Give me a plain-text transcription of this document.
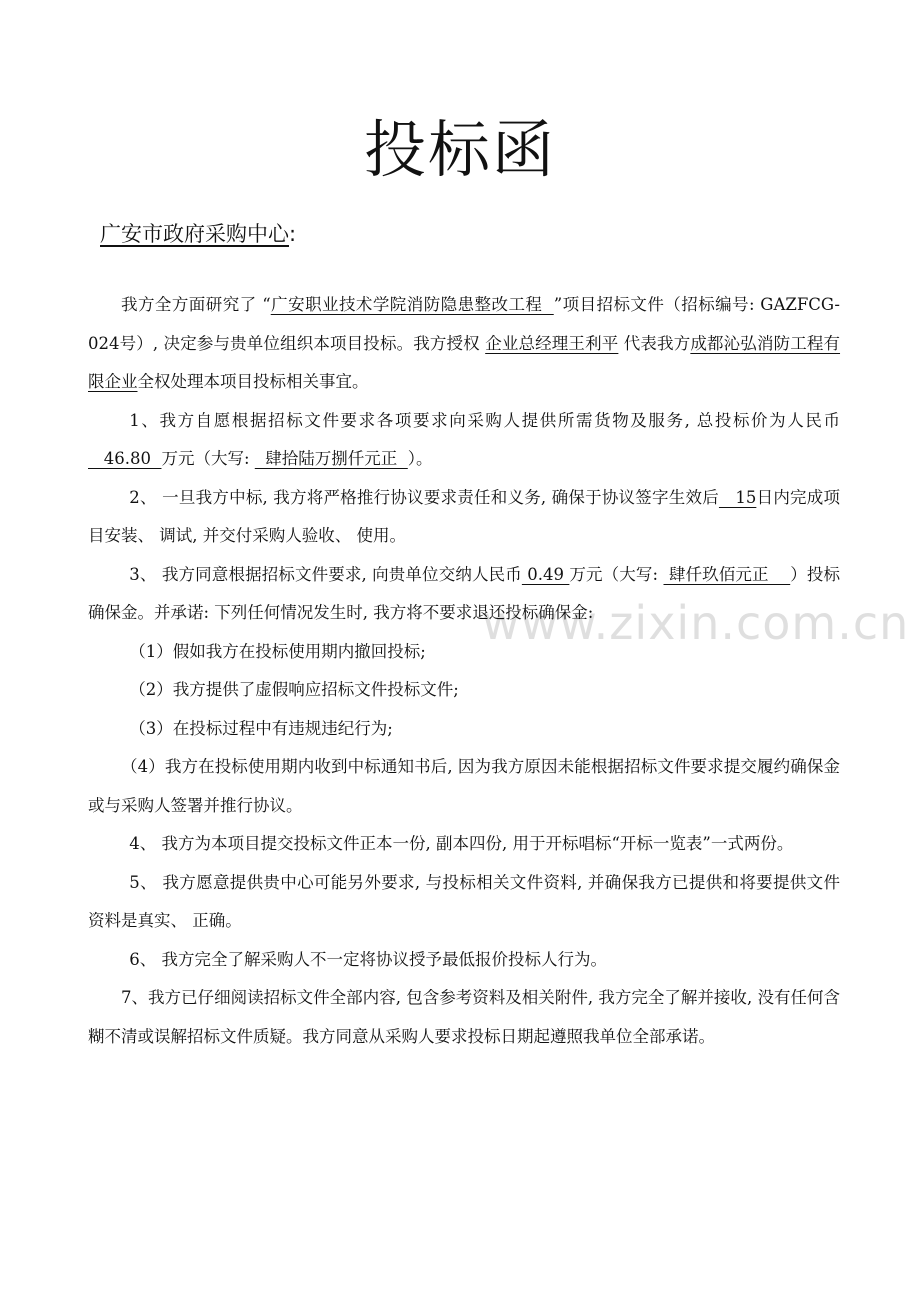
投标函
广安市政府采购中心:
www.zixin.com.cn

我方全方面研究了 “广安职业技术学院消防隐患整改工程  ”项目招标文件（招标编号: GAZFCG-024号）, 决定参与贵单位组织本项目投标。我方授权 企业总经理王利平 代表我方成都沁弘消防工程有限企业全权处理本项目投标相关事宜。

1、我方自愿根据招标文件要求各项要求向采购人提供所需货物及服务, 总投标价为人民币   46.80  万元（大写:   肆拾陆万捌仟元正  ）。

2、 一旦我方中标, 我方将严格推行协议要求责任和义务, 确保于协议签字生效后   15日内完成项目安装、 调试, 并交付采购人验收、 使用。

3、 我方同意根据招标文件要求, 向贵单位交纳人民币 0.49 万元（大写:  肆仟玖佰元正    ）投标确保金。并承诺: 下列任何情况发生时, 我方将不要求退还投标确保金:

（1）假如我方在投标使用期内撤回投标;

（2）我方提供了虚假响应招标文件投标文件;

（3）在投标过程中有违规违纪行为;

（4）我方在投标使用期内收到中标通知书后, 因为我方原因未能根据招标文件要求提交履约确保金或与采购人签署并推行协议。

4、 我方为本项目提交投标文件正本一份, 副本四份, 用于开标唱标“开标一览表”一式两份。

5、 我方愿意提供贵中心可能另外要求, 与投标相关文件资料, 并确保我方已提供和将要提供文件资料是真实、 正确。

6、 我方完全了解采购人不一定将协议授予最低报价投标人行为。

7、我方已仔细阅读招标文件全部内容, 包含参考资料及相关附件, 我方完全了解并接收, 没有任何含糊不清或误解招标文件质疑。我方同意从采购人要求投标日期起遵照我单位全部承诺。
